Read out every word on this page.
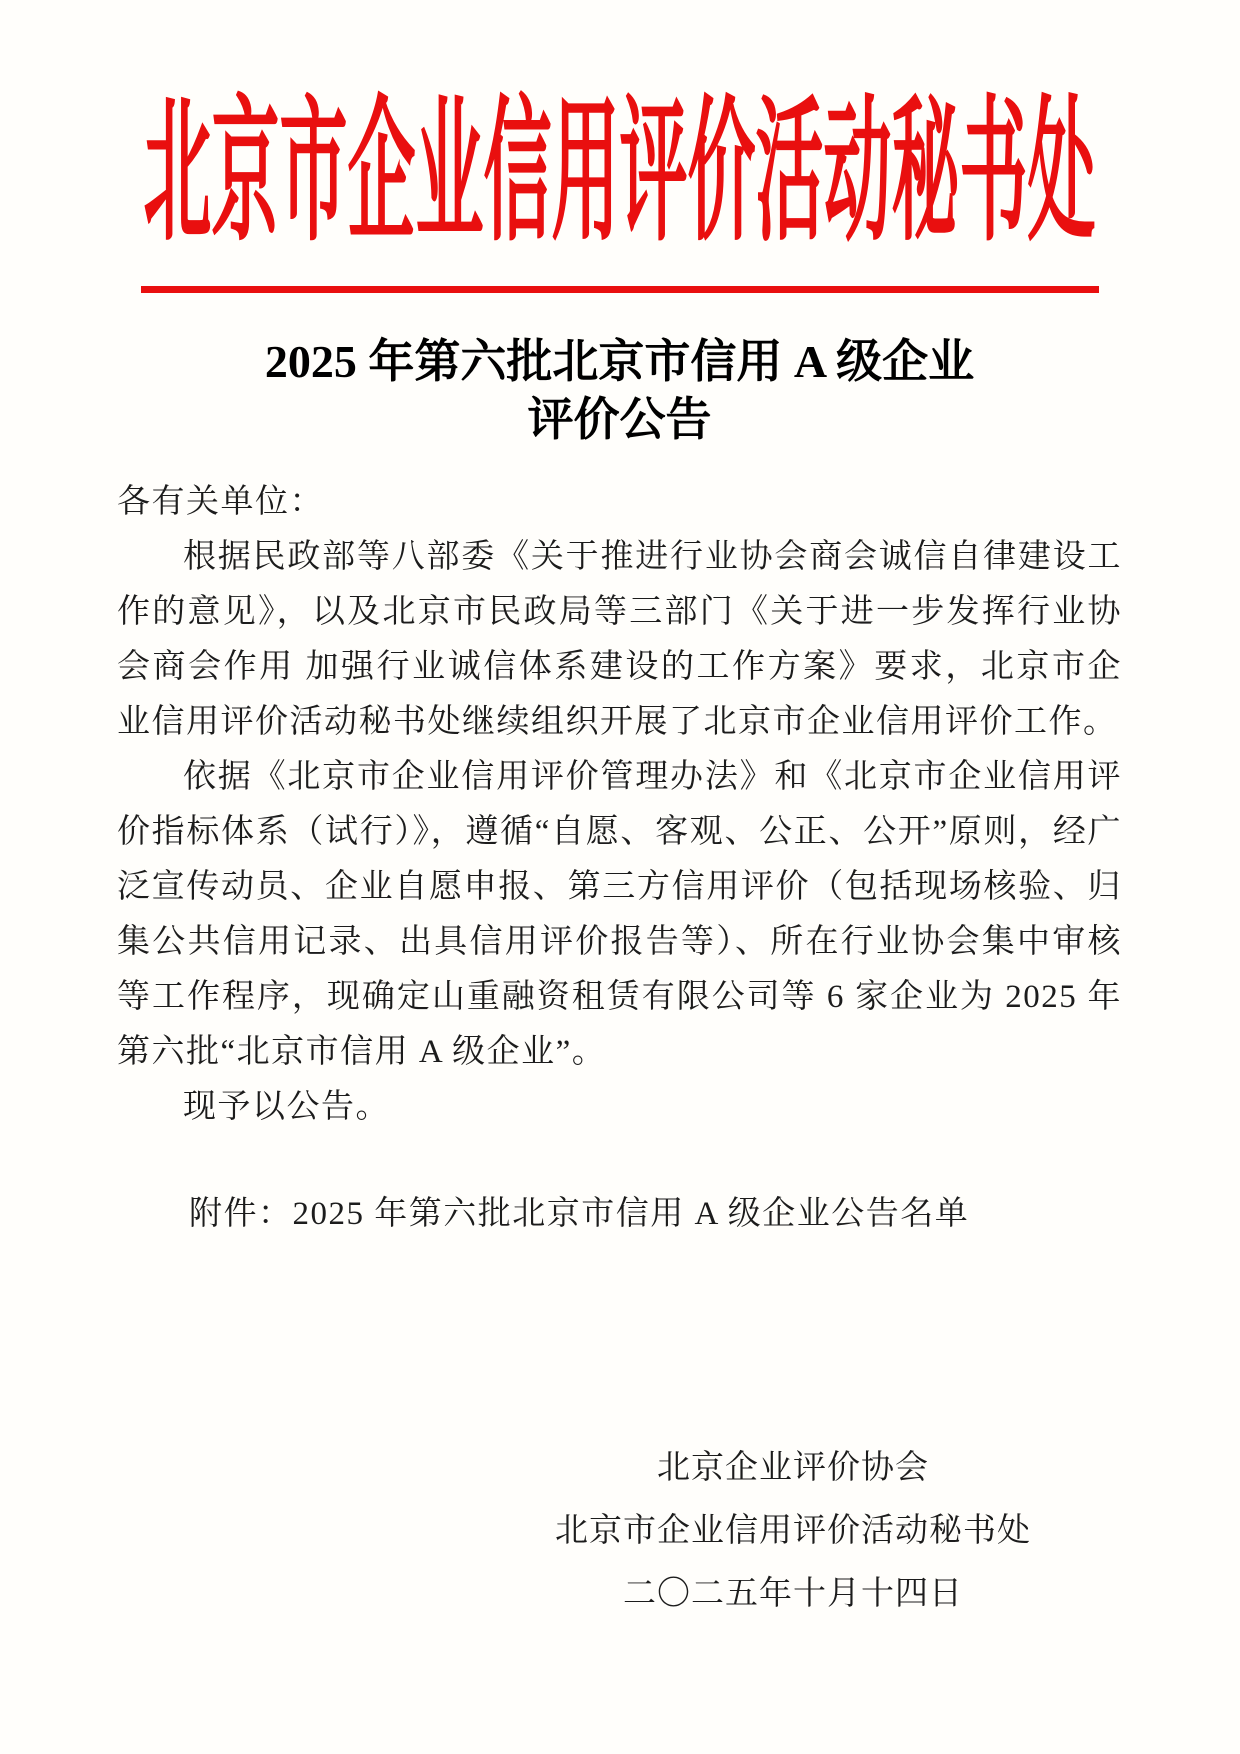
北京市企业信用评价活动秘书处
2025 年第六批北京市信用 A 级企业
评价公告

各有关单位：

根据民政部等八部委《关于推进行业协会商会诚信自律建设工作的意见》，以及北京市民政局等三部门《关于进一步发挥行业协会商会作用 加强行业诚信体系建设的工作方案》要求，北京市企业信用评价活动秘书处继续组织开展了北京市企业信用评价工作。

依据《北京市企业信用评价管理办法》和《北京市企业信用评价指标体系（试行）》，遵循“自愿、客观、公正、公开”原则，经广泛宣传动员、企业自愿申报、第三方信用评价（包括现场核验、归集公共信用记录、出具信用评价报告等）、所在行业协会集中审核等工作程序，现确定山重融资租赁有限公司等 6 家企业为 2025 年第六批“北京市信用 A 级企业”。

现予以公告。

附件：2025 年第六批北京市信用 A 级企业公告名单

北京企业评价协会

北京市企业信用评价活动秘书处

二〇二五年十月十四日
